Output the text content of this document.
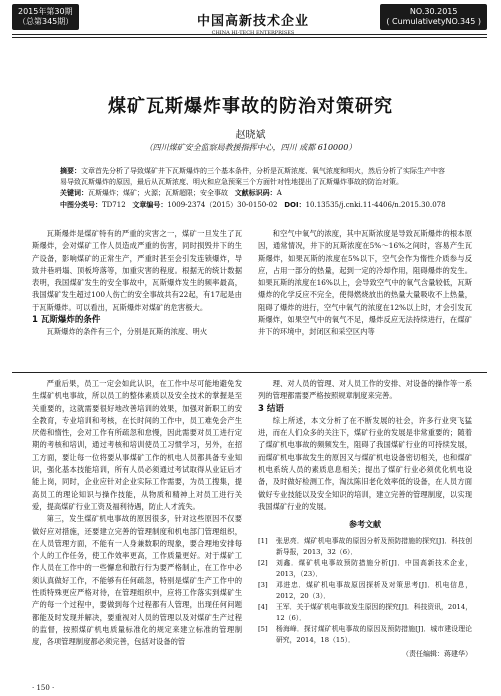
2015年第30期
（总第345期）	中国高新技术企业
CHINA HI-TECH ENTERPRISES
NO.30.2015
( CumulativetyNO.345 )
煤矿瓦斯爆炸事故的防治对策研究
赵晓斌
（四川煤矿安全监察局教援指挥中心，四川 成都 610000）
摘要：文章首先分析了导致煤矿井下瓦斯爆炸的三个基本条件，分析是瓦斯浓度、氧气浓度和明火，然后分析了实际生产中容易导致瓦斯爆炸的原因，最后从瓦斯浓度、明火和应急预案三个方面针对性地提出了瓦斯爆炸事故的防治对策。
关键词：瓦斯爆炸；煤矿；火源；瓦斯超限；安全事故 文献标识码：A
中图分类号：TD712 文章编号：1009-2374（2015）30-0150-02 DOI：10.13535/j.cnki.11-4406/n.2015.30.078

瓦斯爆炸是煤矿特有的严重的灾害之一，煤矿一旦发生了瓦斯爆炸，会对煤矿工作人员造成严重的伤害，同时损毁井下的生产设备，影响煤矿的正常生产，严重时甚至会引发连锁爆炸，导致井巷坍塌、顶板垮落等，加重灾害的程度。根据无的统计数据表明，我国煤矿发生的安全事故中，瓦斯爆炸发生的频率最高，我国煤矿发生超过100人伤亡的安全事故共有22起，有17起是由于瓦斯爆炸。可以看出，瓦斯爆炸对煤矿的危害极大。

1 瓦斯爆炸的条件

瓦斯爆炸的条件有三个，分别是瓦斯的浓度、明火

和空气中氧气的浓度，其中瓦斯浓度是导致瓦斯爆炸的根本原因，通常情况，井下的瓦斯浓度在5%～16%之间时，容易产生瓦斯爆炸，如果瓦斯的浓度在5%以下，空气会作为惰性介质参与反应，占用一部分的热量，起到一定的冷却作用，阻碍爆炸的发生。如果瓦斯的浓度在16%以上，会导致空气中的氧气含量较低，瓦斯爆炸的化学反应不完全，使得燃烧放出的热量大量吸收不上热量，阻碍了爆炸的进行，空气中氧气的浓度在12%以上时，才会引发瓦斯爆炸，如果空气中的氧气不足，爆炸反应无法持续进行，在煤矿井下的环境中，封闭区和采空区内等

严重后果，员工一定会如此认识，在工作中尽可能地避免发生煤矿机电事故，所以员工的整体素质以及安全技术的掌握是至关重要的，这就需要很好地改善培训的效果，加强对新职工的安全教育，专业培训和考核，在长时间的工作中，员工难免会产生厌倦和惰性，会对工作有所疏忽和怠慢，因此需要对员工进行定期的考核和培训，通过考核和培训使员工习惯学习，另外，在招工方面，要让每一位将要从事煤矿工作的机电人员都具备专业知识，强化基本技能培训，所有人员必须通过考试取得从业证后才能上岗，同时，企业应针对企业实际工作需要，为员工搜集，提高员工的理论知识与操作技能，从物质和精神上对员工进行关爱，提高煤矿行业工资及福利待遇，防止人才流失。

第三，发生煤矿机电事故的原因很多，针对这些原因不仅要做好应对措施，还要建立完善的管理制度和机电部门管理组织，在人员管理方面，不能有一人身兼数职的现象，要合理地安排每个人的工作任务，使工作效率更高，工作质量更好。对于煤矿工作人员在工作中的一些懈怠和散行行为要严格制止，在工作中必须认真做好工作，不能够有任何疏忽，特别是煤矿生产工作中的性质特殊更应严格对待，在管理组织中，应将工作落实到煤矿生产的每一个过程中，要做到每个过程都有人管理，出现任何问题都能及时发现并解决，要重视对人员的管理以及对煤矿生产过程的监督，按照煤矿机电质量标准化的规定来建立标准的管理制度，各项管理制度都必须完善，包括对设备的管

理、对人员的管理、对人员工作的安排、对设备的操作等一系列的管理都需要严格按照规章制度来完善。

3 结语

综上所述，本文分析了在不断发展的社会，许多行业突飞猛进，而在人们众多的关注下，煤矿行业的发展是非常重要的；随着了煤矿机电事故的频频发生，阻碍了我国煤矿行业的可持续发展，而煤矿机电事故发生的原因又与煤矿机电设备密切相关，也和煤矿机电系统人员的素质息息相关；提出了煤矿行业必须优化机电设备，及时做好检测工作，淘汰陈旧老化效率低的设备，在人员方面做好专业技能以及安全知识的培训，建立完善的管理制度，以实现我国煤矿行业的发展。

参考文献
[1]	张思亮．煤矿机电事故的原因分析及预防措施的探究[J]．科技创新导报，2013，32（6）．
[2]	刘鑫．煤矿机电事故预防措施分析[J]．中国高新技术企业，2013，（23）．
[3]	邓进忠．煤矿机电事故原因探析及对策思考[J]．机电信息，2012，20（3）．
[4]	王军．关于煤矿机电事故发生原因的探究[J]．科技资讯，2014，12（6）．
[5]	杨海峰．探讨煤矿机电事故的原因及预防措施[J]．城市建设理论研究，2014，18（15）．
（责任编辑：蒋建华）
· 150 ·
